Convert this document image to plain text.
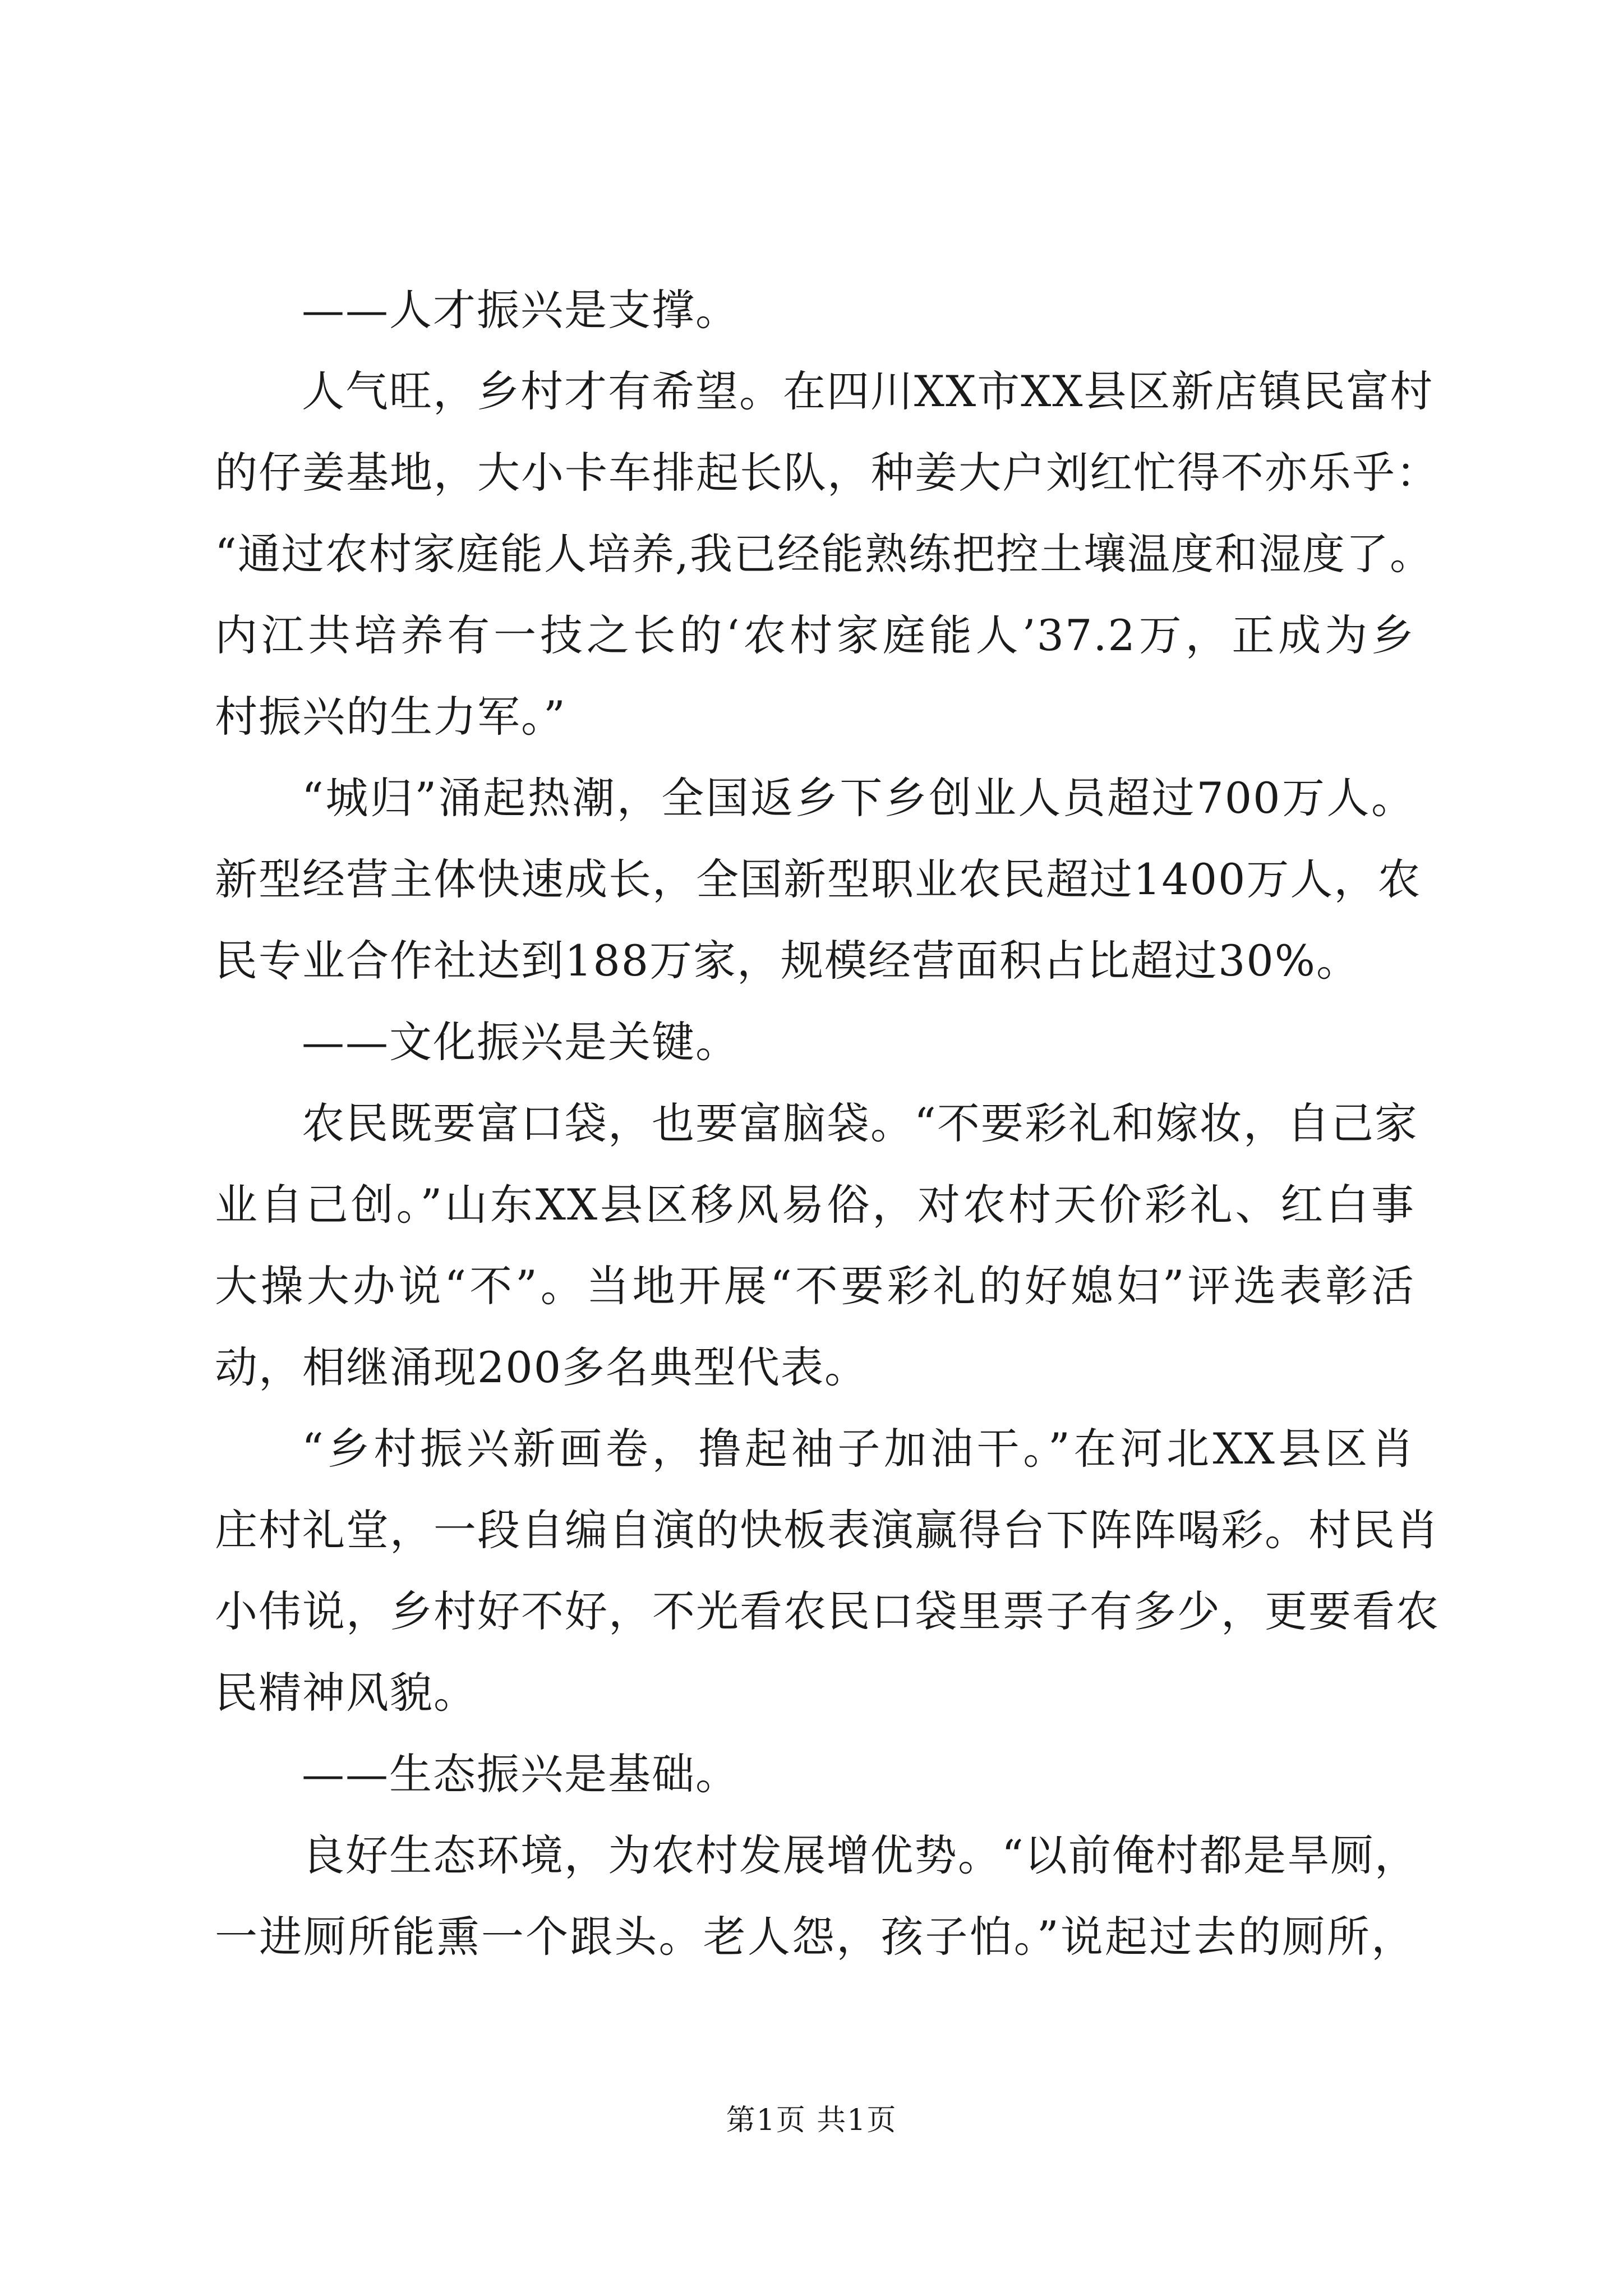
——人才振兴是支撑。
人气旺，乡村才有希望。在四川XX市XX县区新店镇民富村
的仔姜基地，大小卡车排起长队，种姜大户刘红忙得不亦乐乎：
“通过农村家庭能人培养,我已经能熟练把控土壤温度和湿度了。
内江共培养有一技之长的‘农村家庭能人’37.2万，正成为乡
村振兴的生力军。”
“城归”涌起热潮，全国返乡下乡创业人员超过700万人。
新型经营主体快速成长，全国新型职业农民超过1400万人，农
民专业合作社达到188万家，规模经营面积占比超过30%。
——文化振兴是关键。
农民既要富口袋，也要富脑袋。“不要彩礼和嫁妆，自己家
业自己创。”山东XX县区移风易俗，对农村天价彩礼、红白事
大操大办说“不”。当地开展“不要彩礼的好媳妇”评选表彰活
动，相继涌现200多名典型代表。
“乡村振兴新画卷，撸起袖子加油干。”在河北XX县区肖
庄村礼堂，一段自编自演的快板表演赢得台下阵阵喝彩。村民肖
小伟说，乡村好不好，不光看农民口袋里票子有多少，更要看农
民精神风貌。
——生态振兴是基础。
良好生态环境，为农村发展增优势。“以前俺村都是旱厕，
一进厕所能熏一个跟头。老人怨，孩子怕。”说起过去的厕所，
第1页 共1页
